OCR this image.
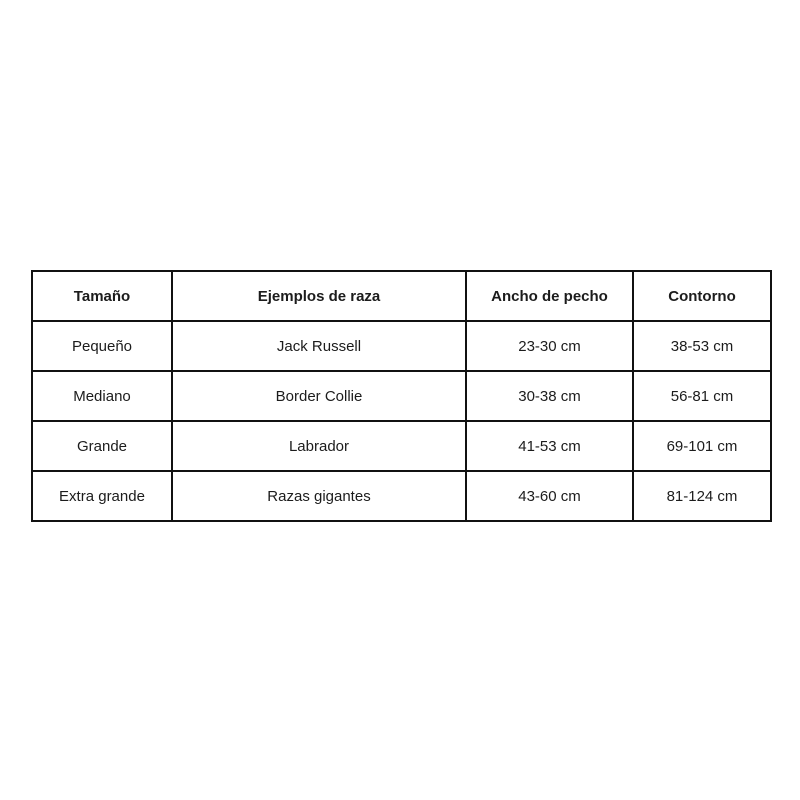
Tamaño	Ejemplos de raza	Ancho de pecho	Contorno
Pequeño	Jack Russell	23-30 cm	38-53 cm
Mediano	Border Collie	30-38 cm	56-81 cm
Grande	Labrador	41-53 cm	69-101 cm
Extra grande	Razas gigantes	43-60 cm	81-124 cm
